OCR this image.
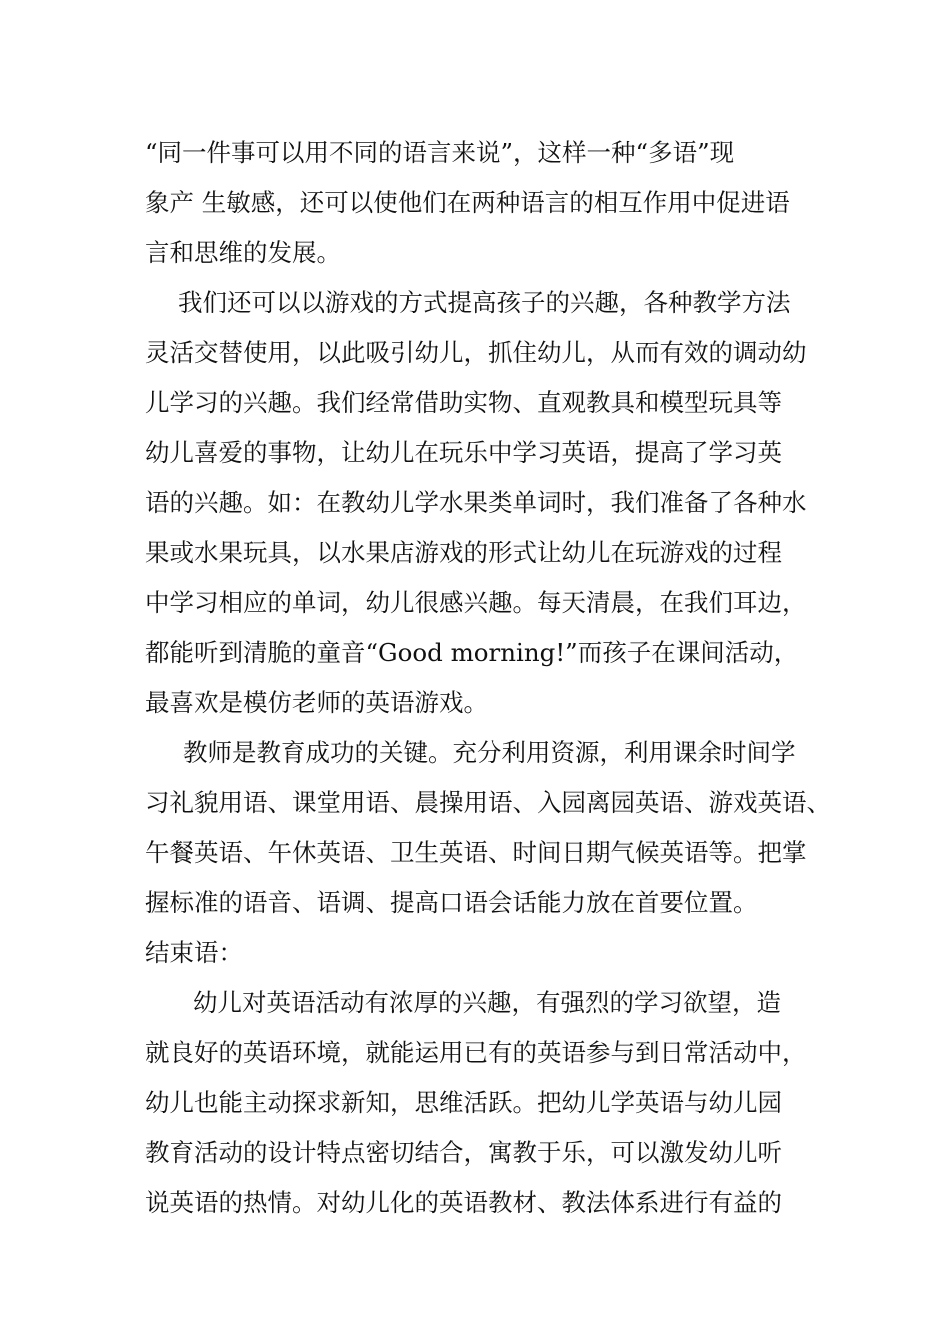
“同一件事可以用不同的语言来说”，这样一种“多语”现
象产 生敏感，还可以使他们在两种语言的相互作用中促进语
言和思维的发展。
我们还可以以游戏的方式提高孩子的兴趣，各种教学方法
灵活交替使用，以此吸引幼儿，抓住幼儿，从而有效的调动幼
儿学习的兴趣。我们经常借助实物、直观教具和模型玩具等
幼儿喜爱的事物，让幼儿在玩乐中学习英语，提高了学习英
语的兴趣。如：在教幼儿学水果类单词时，我们准备了各种水
果或水果玩具，以水果店游戏的形式让幼儿在玩游戏的过程
中学习相应的单词，幼儿很感兴趣。每天清晨，在我们耳边，
都能听到清脆的童音“Good morning!”而孩子在课间活动，
最喜欢是模仿老师的英语游戏。
教师是教育成功的关键。充分利用资源，利用课余时间学
习礼貌用语、课堂用语、晨操用语、入园离园英语、游戏英语、
午餐英语、午休英语、卫生英语、时间日期气候英语等。把掌
握标准的语音、语调、提高口语会话能力放在首要位置。
结束语：
幼儿对英语活动有浓厚的兴趣，有强烈的学习欲望，造
就良好的英语环境，就能运用已有的英语参与到日常活动中，
幼儿也能主动探求新知，思维活跃。把幼儿学英语与幼儿园
教育活动的设计特点密切结合，寓教于乐，可以激发幼儿听
说英语的热情。对幼儿化的英语教材、教法体系进行有益的
